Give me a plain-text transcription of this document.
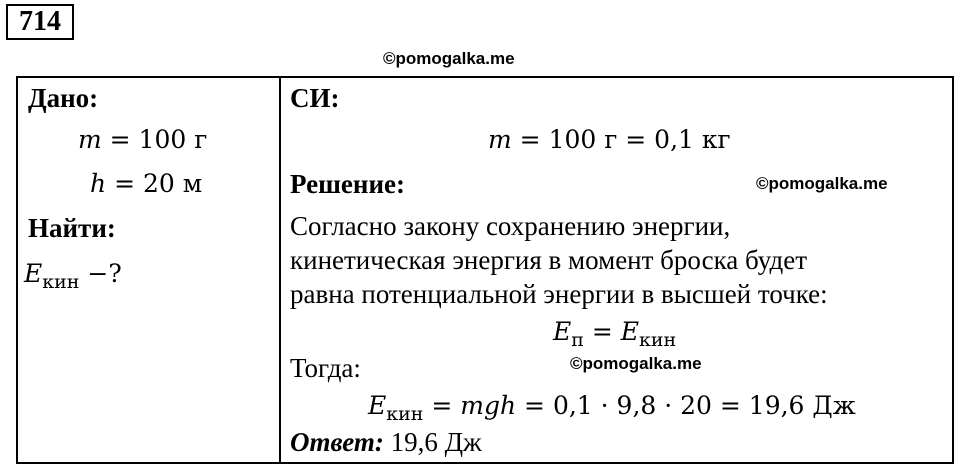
714
©pomogalka.me
Дано:
m = 100 г
h = 20 м
Найти:
$E_{кин}$ −?
СИ:
m = 100 г = 0,1 кг
Решение:
Согласно закону сохранению энергии,
кинетическая энергия в момент броска будет
равна потенциальной энергии в высшей точке:
$E_п = E_{кин}$
Тогда:
$E_{кин}$ = mgh = 0,1 · 9,8 · 20 = 19,6 Дж
Ответ: 19,6 Дж
©pomogalka.me
©pomogalka.me
